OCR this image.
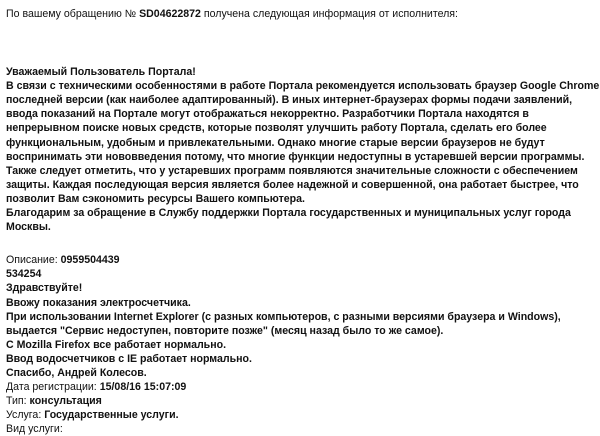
По вашему обращению № SD04622872 получена следующая информация от исполнителя:
Уважаемый Пользователь Портала!
В связи с техническими особенностями в работе Портала рекомендуется использовать браузер Google Chrome
последней версии (как наиболее адаптированный). В иных интернет-браузерах формы подачи заявлений,
ввода показаний на Портале могут отображаться некорректно. Разработчики Портала находятся в
непрерывном поиске новых средств, которые позволят улучшить работу Портала, сделать его более
функциональным, удобным и привлекательными. Однако многие старые версии браузеров не будут
воспринимать эти нововведения потому, что многие функции недоступны в устаревшей версии программы.
Также следует отметить, что у устаревших программ появляются значительные сложности с обеспечением
защиты. Каждая последующая версия является более надежной и совершенной, она работает быстрее, что
позволит Вам сэкономить ресурсы Вашего компьютера.
Благодарим за обращение в Службу поддержки Портала государственных и муниципальных услуг города
Москвы.
Описание: 0959504439
534254
Здравствуйте!
Ввожу показания электросчетчика.
При использовании Internet Explorer (с разных компьютеров, с разными версиями браузера и Windows),
выдается "Сервис недоступен, повторите позже" (месяц назад было то же самое).
С Mozilla Firefox все работает нормально.
Ввод водосчетчиков с IE работает нормально.
Спасибо, Андрей Колесов.
Дата регистрации: 15/08/16 15:07:09
Тип: консультация
Услуга: Государственные услуги.
Вид услуги:
